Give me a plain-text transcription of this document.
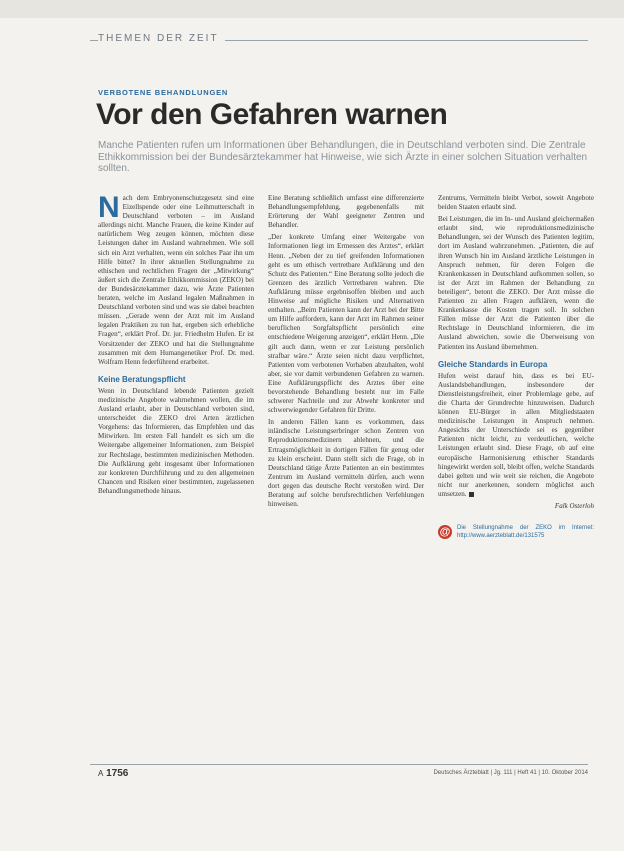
THEMEN DER ZEIT
VERBOTENE BEHANDLUNGEN
Vor den Gefahren warnen
Manche Patienten rufen um Informationen über Behandlungen, die in Deutschland verboten sind. Die Zentrale Ethikkommission bei der Bundesärztekammer hat Hinweise, wie sich Ärzte in einer solchen Situation verhalten sollten.

Nach dem Embryonenschutzgesetz sind eine Eizellspende oder eine Leihmutterschaft in Deutschland verboten – im Ausland allerdings nicht. Manche Frauen, die keine Kinder auf natürlichem Weg zeugen können, möchten diese Leistungen daher im Ausland wahrnehmen. Wie soll sich ein Arzt verhalten, wenn ein solches Paar ihn um Hilfe bittet? In ihrer aktuellen Stellungnahme zu ethischen und rechtlichen Fragen der „Mitwirkung“ äußert sich die Zentrale Ethikkommission (ZEKO) bei der Bundesärztekammer dazu, wie Ärzte Patienten beraten, welche im Ausland legalen Maßnahmen in Deutschland verboten sind und was sie dabei beachten müssen. „Gerade wenn der Arzt mit im Ausland legalen Praktiken zu tun hat, ergeben sich erhebliche Fragen“, erklärt Prof. Dr. jur. Friedhelm Hufen. Er ist Vorsitzender der ZEKO und hat die Stellungnahme zusammen mit dem Humangenetiker Prof. Dr. med. Wolfram Henn federführend erarbeitet.

Keine Beratungspflicht

Wenn in Deutschland lebende Patienten gezielt medizinische Angebote wahrnehmen wollen, die im Ausland erlaubt, aber in Deutschland verboten sind, unterscheidet die ZEKO drei Arten ärztlichen Vorgehens: das Informieren, das Empfehlen und das Mitwirken. Im ersten Fall handelt es sich um die Weitergabe allgemeiner Informationen, zum Beispiel zur Rechtslage, bestimmten medizinischen Methoden. Die Aufklärung geht insgesamt über Informationen zur konkreten Durchführung und zu den allgemeinen Chancen und Risiken einer bestimmten, zugelassenen Behandlungsmethode hinaus.

Eine Beratung schließlich umfasst eine differenzierte Behandlungsempfehlung, gegebenenfalls mit Erörterung der Wahl geeigneter Zentren und Behandler.

„Der konkrete Umfang einer Weitergabe von Informationen liegt im Ermessen des Arztes“, erklärt Henn. „Neben der zu tief greifenden Informationen geht es um ethisch vertretbare Aufklärung und den Schutz des Patienten.“ Eine Beratung sollte jedoch die Grenzen des ärztlich Vertretbaren wahren. Die Aufklärung müsse ergebnisoffen bleiben und auch Hinweise auf mögliche Risiken und Alternativen enthalten. „Beim Patienten kann der Arzt bei der Bitte um Hilfe auffordern, kann der Arzt im Rahmen seiner beruflichen Sorgfaltspflicht persönlich eine entschiedene Weigerung anzeigen“, erklärt Henn. „Die gilt auch dann, wenn er zur Leistung persönlich strafbar wäre.“ Ärzte seien nicht dazu verpflichtet, Patienten vom verbotenen Vorhaben abzuhalten, wohl aber, sie vor damit verbundenen Gefahren zu warnen. Eine Aufklärungspflicht des Arztes über eine bevorstehende Behandlung besteht nur im Falle schwerer Nachteile und zur Abwehr konkreter und schwerwiegender Gefahren für Dritte.

In anderen Fällen kann es vorkommen, dass inländische Leistungserbringer schon Zentren von Reproduktionsmedizinern ablehnen, und die Ertragsmöglichkeit in dortigen Fällen für genug oder zu klein erscheint. Dann stellt sich die Frage, ob in Deutschland tätige Ärzte Patienten an ein bestimmtes Zentrum im Ausland vermitteln dürfen, auch wenn dort gegen das deutsche Recht verstoßen wird. Der Beratung auf solche berufsrechtlichen Verfehlungen hinweisen.

Zentrums, Vermitteln bleibt Verbot, soweit Angebote beiden Staaten erlaubt sind.

Bei Leistungen, die im In- und Ausland gleichermaßen erlaubt sind, wie reproduktionsmedizinische Behandlungen, sei der Wunsch des Patienten legitim, dort im Ausland wahrzunehmen. „Patienten, die auf ihren Wunsch hin im Ausland ärztliche Leistungen in Anspruch nehmen, für deren Folgen die Krankenkassen in Deutschland aufkommen sollen, so ist der Arzt im Rahmen der Behandlung zu beteiligen“, betont die ZEKO. Der Arzt müsse die Patienten zu allen Fragen aufklären, wenn die Krankenkasse die Kosten tragen soll. In solchen Fällen müsse der Arzt die Patienten über die Rechtslage in Deutschland informieren, die im Ausland abweichen, sowie die Überweisung von Patienten ins Ausland übernehmen.

Gleiche Standards in Europa

Hufen weist darauf hin, dass es bei EU-Auslandsbehandlungen, insbesondere der Dienstleistungsfreiheit, einer Problemlage gebe, auf die Charta der Grundrechte hinzuweisen. Dadurch können EU-Bürger in allen Mitgliedstaaten medizinische Leistungen in Anspruch nehmen. Angesichts der Unterschiede sei es gegenüber Patienten nicht leicht, zu verdeutlichen, welche Leistungen erlaubt sind. Diese Frage, ob auf eine europäische Harmonisierung ethischer Standards hingewirkt werden soll, bleibt offen, welche Standards dabei gelten und wie weit sie reichen, die Angebote nicht nur anerkennen, sondern möglichst auch umsetzen.

Falk Osterloh
@ Die Stellungnahme der ZEKO im Internet: http://www.aerzteblatt.de/131575
A 1756	Deutsches Ärzteblatt | Jg. 111 | Heft 41 | 10. Oktober 2014
